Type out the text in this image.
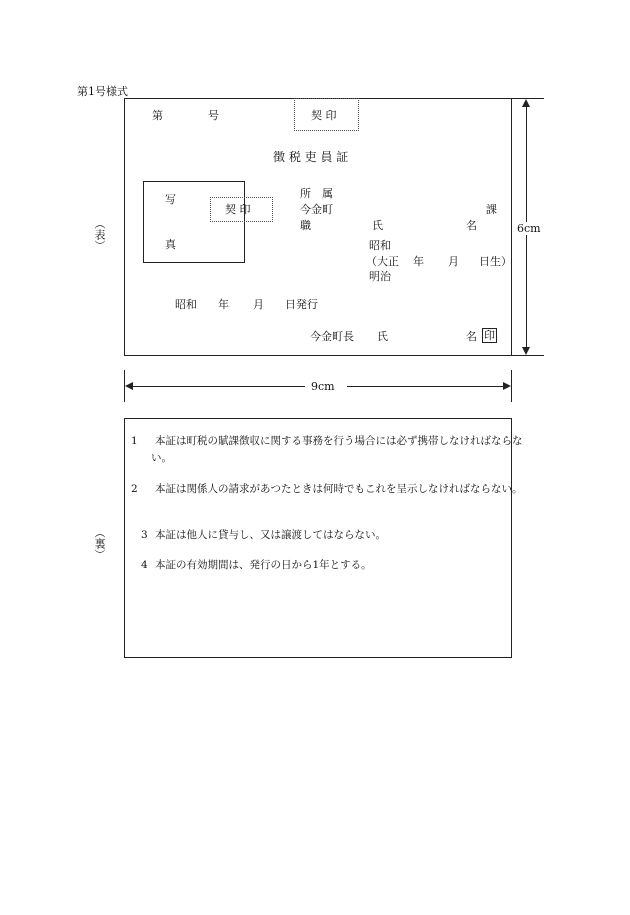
第1号様式
（表）
第	号	契 印
徴 税 吏 員 証
写
真
契 印
所　属
今金町	課
職	氏	名
昭和
（大正 年 月 日生）
明治
昭和 年 月 日発行
今金町長 氏	名 印
6cm
9cm
（裏）
1 本証は町税の賦課徴収に関する事務を行う場合には必ず携帯しなければならない。
2 本証は関係人の請求があつたときは何時でもこれを呈示しなければならない。
3 本証は他人に貸与し、又は譲渡してはならない。
4 本証の有効期間は、発行の日から1年とする。
